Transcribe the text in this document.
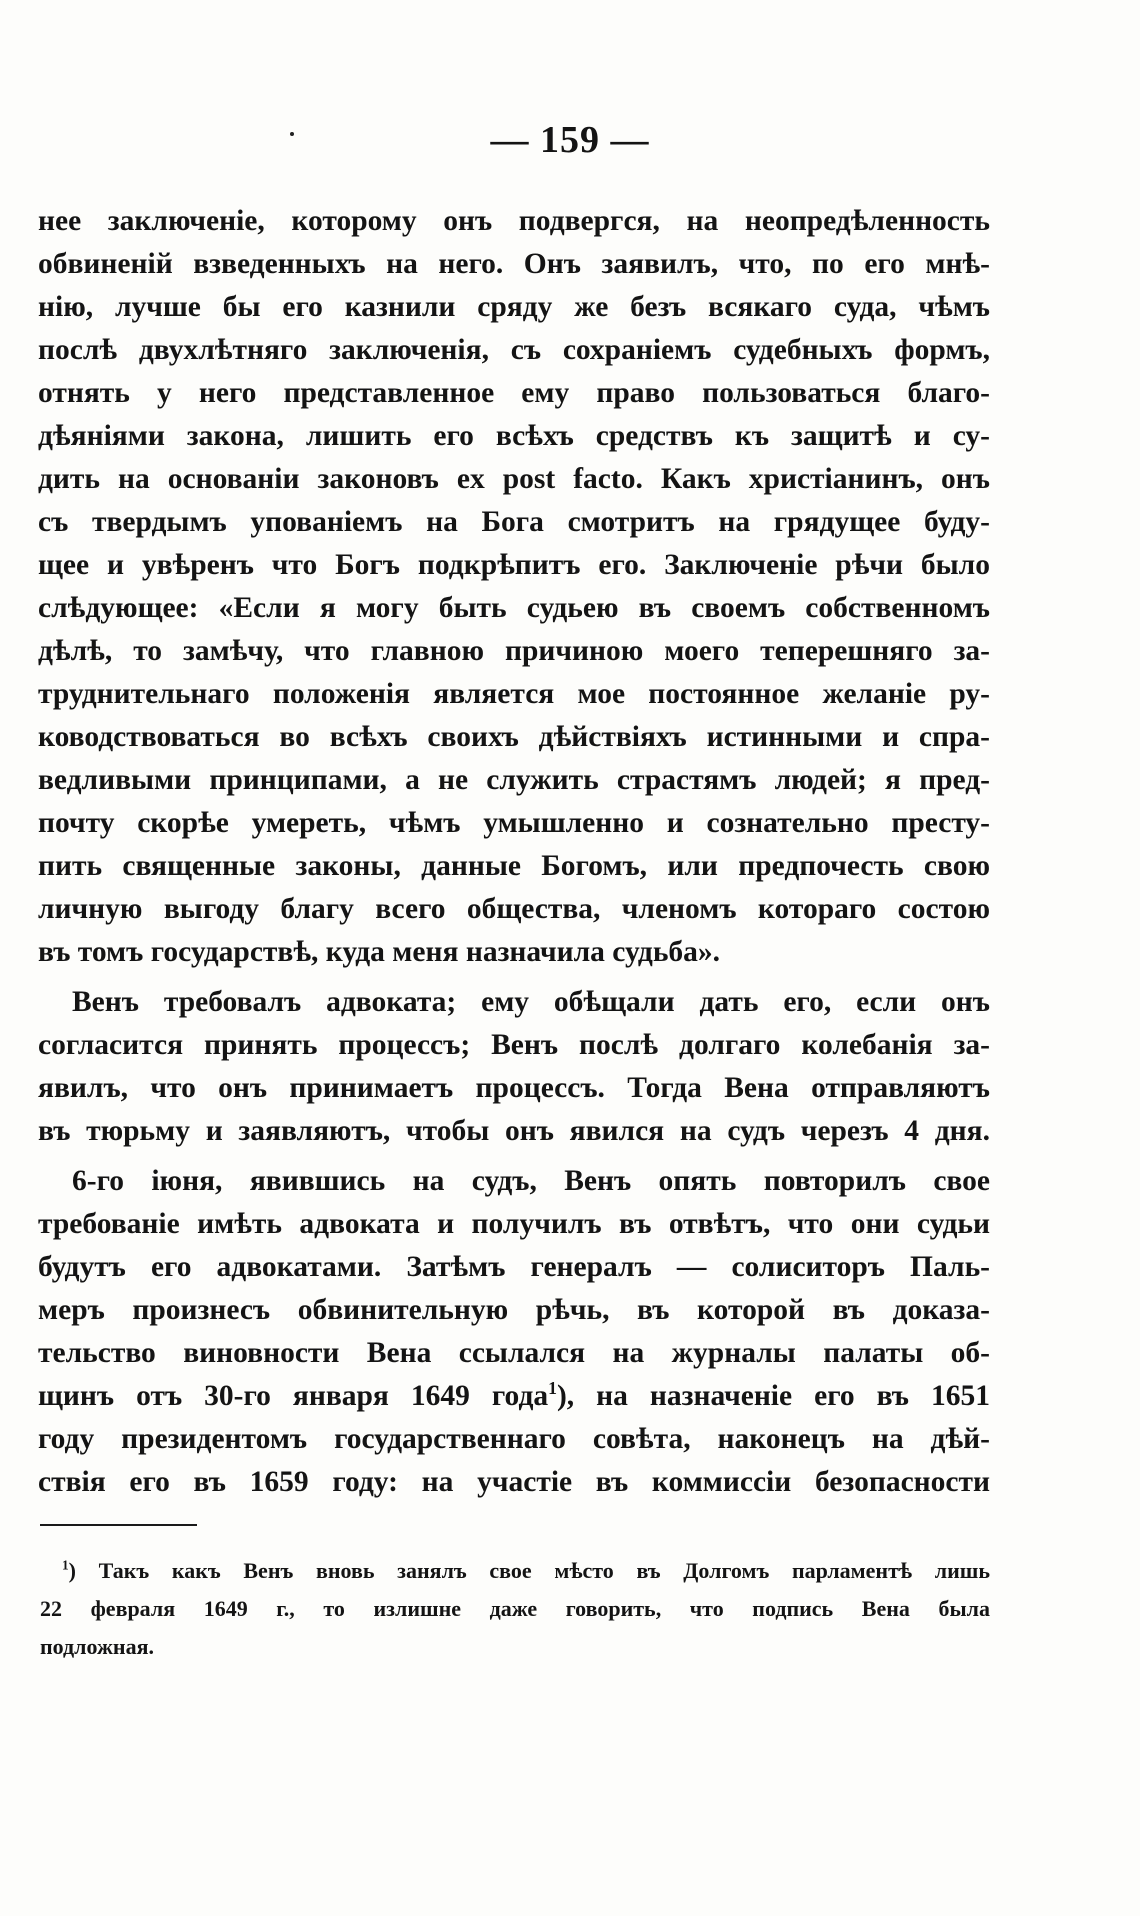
— 159 —
нее заключеніе, которому онъ подвергся, на неопредѣленность
обвиненій взведенныхъ на него. Онъ заявилъ, что, по его мнѣ-
нію, лучше бы его казнили сряду же безъ всякаго суда, чѣмъ
послѣ двухлѣтняго заключенія, съ сохраніемъ судебныхъ формъ,
отнять у него представленное ему право пользоваться благо-
дѣяніями закона, лишить его всѣхъ средствъ къ защитѣ и су-
дить на основаніи законовъ ex post facto. Какъ христіанинъ, онъ
съ твердымъ упованіемъ на Бога смотритъ на грядущее буду-
щее и увѣренъ что Богъ подкрѣпитъ его. Заключеніе рѣчи было
слѣдующее: «Если я могу быть судьею въ своемъ собственномъ
дѣлѣ, то замѣчу, что главною причиною моего теперешняго за-
труднительнаго положенія является мое постоянное желаніе ру-
ководствоваться во всѣхъ своихъ дѣйствіяхъ истинными и спра-
ведливыми принципами, а не служить страстямъ людей; я пред-
почту скорѣе умереть, чѣмъ умышленно и сознательно престу-
пить священные законы, данные Богомъ, или предпочесть свою
личную выгоду благу всего общества, членомъ котораго состою
въ томъ государствѣ, куда меня назначила судьба».
Венъ требовалъ адвоката; ему обѣщали дать его, если онъ
согласится принять процессъ; Венъ послѣ долгаго колебанія за-
явилъ, что онъ принимаетъ процессъ. Тогда Вена отправляютъ
въ тюрьму и заявляютъ, чтобы онъ явился на судъ черезъ 4 дня.
6-го іюня, явившись на судъ, Венъ опять повторилъ свое
требованіе имѣть адвоката и получилъ въ отвѣтъ, что они судьи
будутъ его адвокатами. Затѣмъ генералъ — солиситоръ Паль-
меръ произнесъ обвинительную рѣчь, въ которой въ доказа-
тельство виновности Вена ссылался на журналы палаты об-
щинъ отъ 30-го января 1649 года$^1$), на назначеніе его въ 1651
году президентомъ государственнаго совѣта, наконецъ на дѣй-
ствія его въ 1659 году: на участіе въ коммиссіи безопасности
$^1$) Такъ какъ Венъ вновь занялъ свое мѣсто въ Долгомъ парламентѣ лишь
22 февраля 1649 г., то излишне даже говорить, что подпись Вена была
подложная.
